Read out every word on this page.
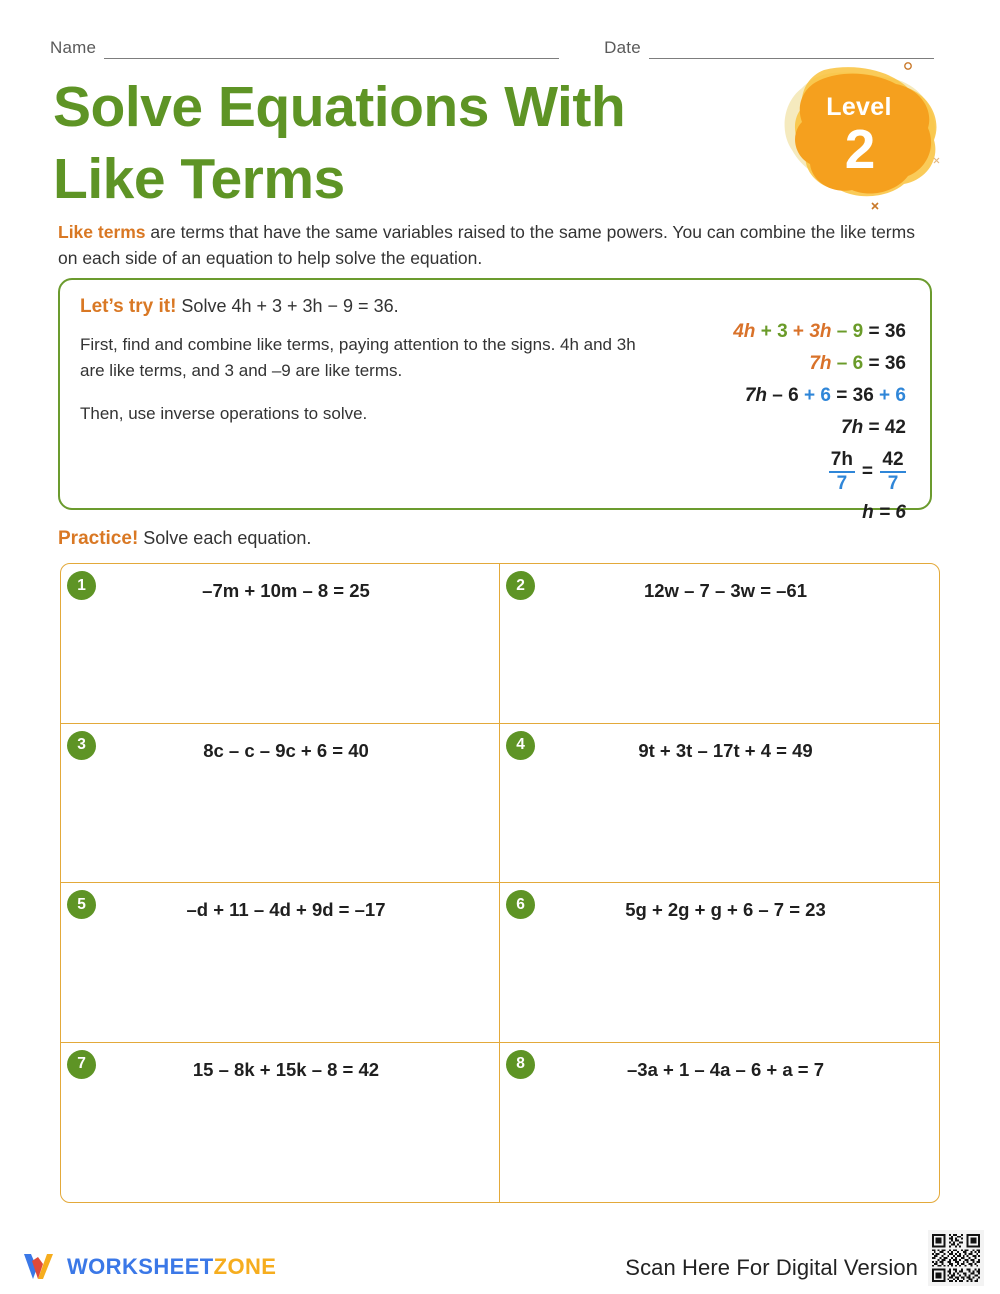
Name	Date
Solve Equations With
Like Terms
Level
2
Like terms are terms that have the same variables raised to the same powers. You can combine the like terms on each side of an equation to help solve the equation.
Let’s try it! Solve 4h + 3 + 3h − 9 = 36.

First, find and combine like terms, paying attention to the signs. 4h and 3h are like terms, and 3 and –9 are like terms.

Then, use inverse operations to solve.

4h + 3 + 3h – 9 = 36
7h – 6 = 36
7h – 6 + 6 = 36 + 6
7h = 42
$\frac{7h}{7} = \frac{42}{7}$
h = 6
Practice! Solve each equation.
1	–7m + 10m – 8 = 25	2	12w – 7 – 3w = –61
3	8c – c – 9c + 6 = 40	4	9t + 3t – 17t + 4 = 49
5	–d + 11 – 4d + 9d = –17	6	5g + 2g + g + 6 – 7 = 23
7	15 – 8k + 15k – 8 = 42	8	–3a + 1 – 4a – 6 + a = 7
WORKSHEETZONE	Scan Here For Digital Version
